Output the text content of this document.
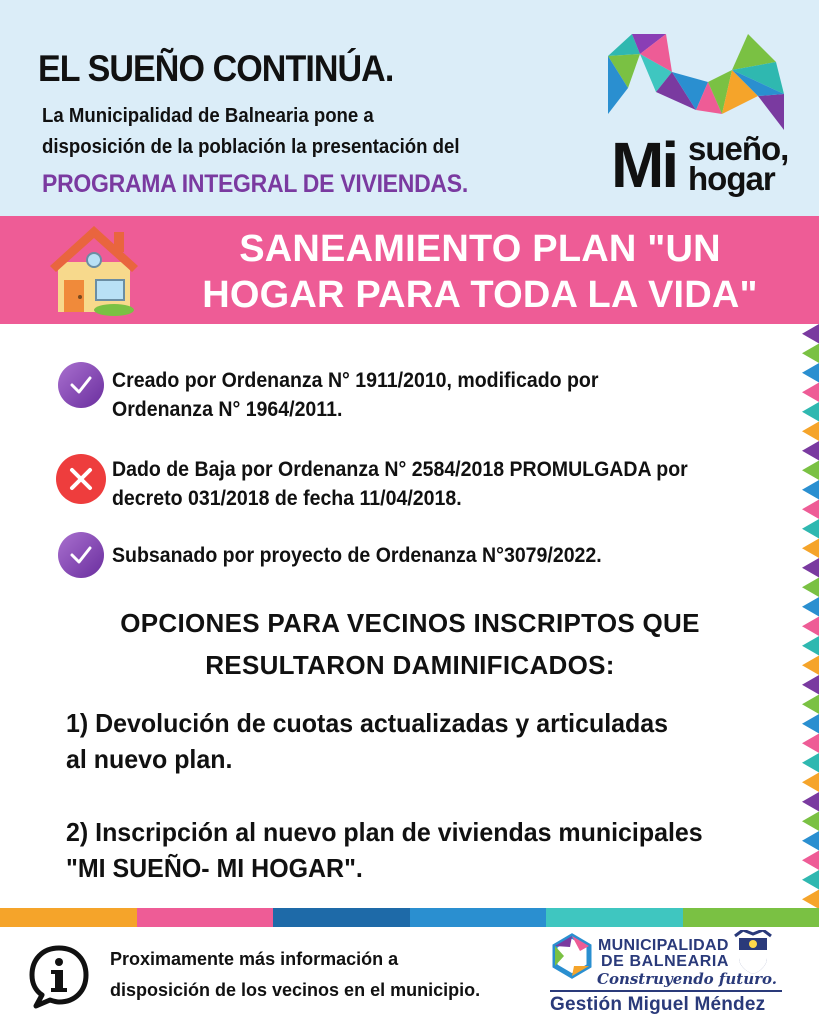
EL SUEÑO CONTINÚA.
La Municipalidad de Balnearia pone a
disposición de la población la presentación del
PROGRAMA INTEGRAL DE VIVIENDAS. Mi sueño,
hogar
SANEAMIENTO PLAN "UN
HOGAR PARA TODA LA VIDA"
Creado por Ordenanza N° 1911/2010, modificado por
Ordenanza N° 1964/2011.
Dado de Baja por Ordenanza N° 2584/2018 PROMULGADA por
decreto 031/2018 de fecha 11/04/2018.
Subsanado por proyecto de Ordenanza N°3079/2022.
OPCIONES PARA VECINOS INSCRIPTOS QUE
RESULTARON DAMINIFICADOS:
1) Devolución de cuotas actualizadas y articuladas
al nuevo plan.
2) Inscripción al nuevo plan de viviendas municipales
"MI SUEÑO- MI HOGAR".
Proximamente más información a
disposición de los vecinos en el municipio.
MUNICIPALIDAD
DE BALNEARIA
Construyendo futuro.
Gestión Miguel Méndez
